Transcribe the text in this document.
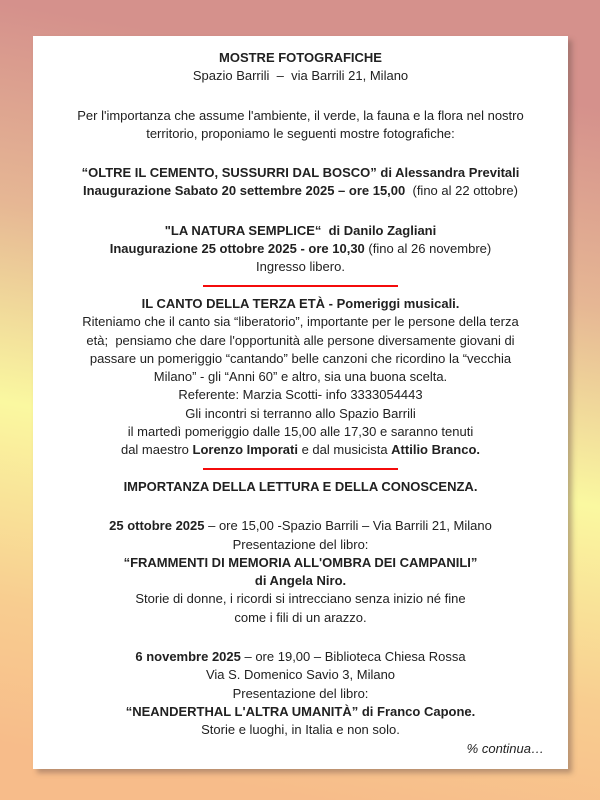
MOSTRE FOTOGRAFICHE

Spazio Barrili  –  via Barrili 21, Milano

Per l'importanza che assume l'ambiente, il verde, la fauna e la flora nel nostro

territorio, proponiamo le seguenti mostre fotografiche:

“OLTRE IL CEMENTO, SUSSURRI DAL BOSCO” di Alessandra Previtali

Inaugurazione Sabato 20 settembre 2025 – ore 15,00  (fino al 22 ottobre)

"LA NATURA SEMPLICE“  di Danilo Zagliani

Inaugurazione 25 ottobre 2025 - ore 10,30 (fino al 26 novembre)

Ingresso libero.

IL CANTO DELLA TERZA ETÀ - Pomeriggi musicali.

Riteniamo che il canto sia “liberatorio”, importante per le persone della terza

età;  pensiamo che dare l'opportunità alle persone diversamente giovani di

passare un pomeriggio “cantando” belle canzoni che ricordino la “vecchia

Milano” - gli “Anni 60” e altro, sia una buona scelta.

Referente: Marzia Scotti- info 3333054443

Gli incontri si terranno allo Spazio Barrili

il martedì pomeriggio dalle 15,00 alle 17,30 e saranno tenuti

dal maestro Lorenzo Imporati e dal musicista Attilio Branco.

IMPORTANZA DELLA LETTURA E DELLA CONOSCENZA.

25 ottobre 2025 – ore 15,00 -Spazio Barrili – Via Barrili 21, Milano

Presentazione del libro:

“FRAMMENTI DI MEMORIA ALL'OMBRA DEI CAMPANILI”

di Angela Niro.

Storie di donne, i ricordi si intrecciano senza inizio né fine

come i fili di un arazzo.

6 novembre 2025 – ore 19,00 – Biblioteca Chiesa Rossa

Via S. Domenico Savio 3, Milano

Presentazione del libro:

“NEANDERTHAL L'ALTRA UMANITÀ” di Franco Capone.

Storie e luoghi, in Italia e non solo.

% continua…
